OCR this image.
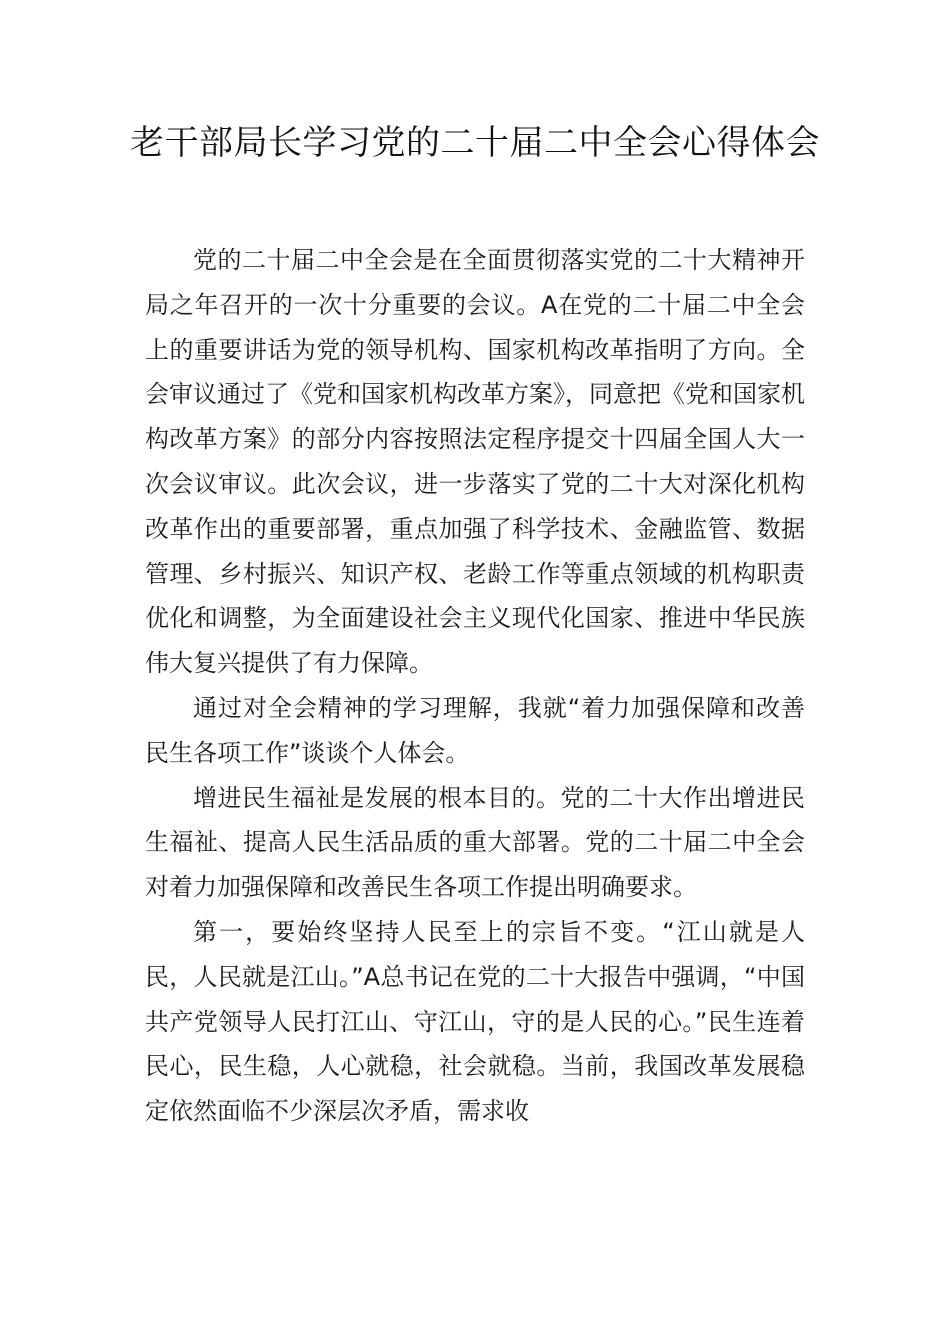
老干部局长学习党的二十届二中全会心得体会

党的二十届二中全会是在全面贯彻落实党的二十大精神开局之年召开的一次十分重要的会议。A在党的二十届二中全会上的重要讲话为党的领导机构、国家机构改革指明了方向。全会审议通过了《党和国家机构改革方案》，同意把《党和国家机构改革方案》的部分内容按照法定程序提交十四届全国人大一次会议审议。此次会议，进一步落实了党的二十大对深化机构改革作出的重要部署，重点加强了科学技术、金融监管、数据管理、乡村振兴、知识产权、老龄工作等重点领域的机构职责优化和调整，为全面建设社会主义现代化国家、推进中华民族伟大复兴提供了有力保障。

通过对全会精神的学习理解，我就“着力加强保障和改善民生各项工作”谈谈个人体会。

增进民生福祉是发展的根本目的。党的二十大作出增进民生福祉、提高人民生活品质的重大部署。党的二十届二中全会对着力加强保障和改善民生各项工作提出明确要求。

第一，要始终坚持人民至上的宗旨不变。“江山就是人民，人民就是江山。”A总书记在党的二十大报告中强调，“中国共产党领导人民打江山、守江山，守的是人民的心。”民生连着民心，民生稳，人心就稳，社会就稳。当前，我国改革发展稳定依然面临不少深层次矛盾，需求收
